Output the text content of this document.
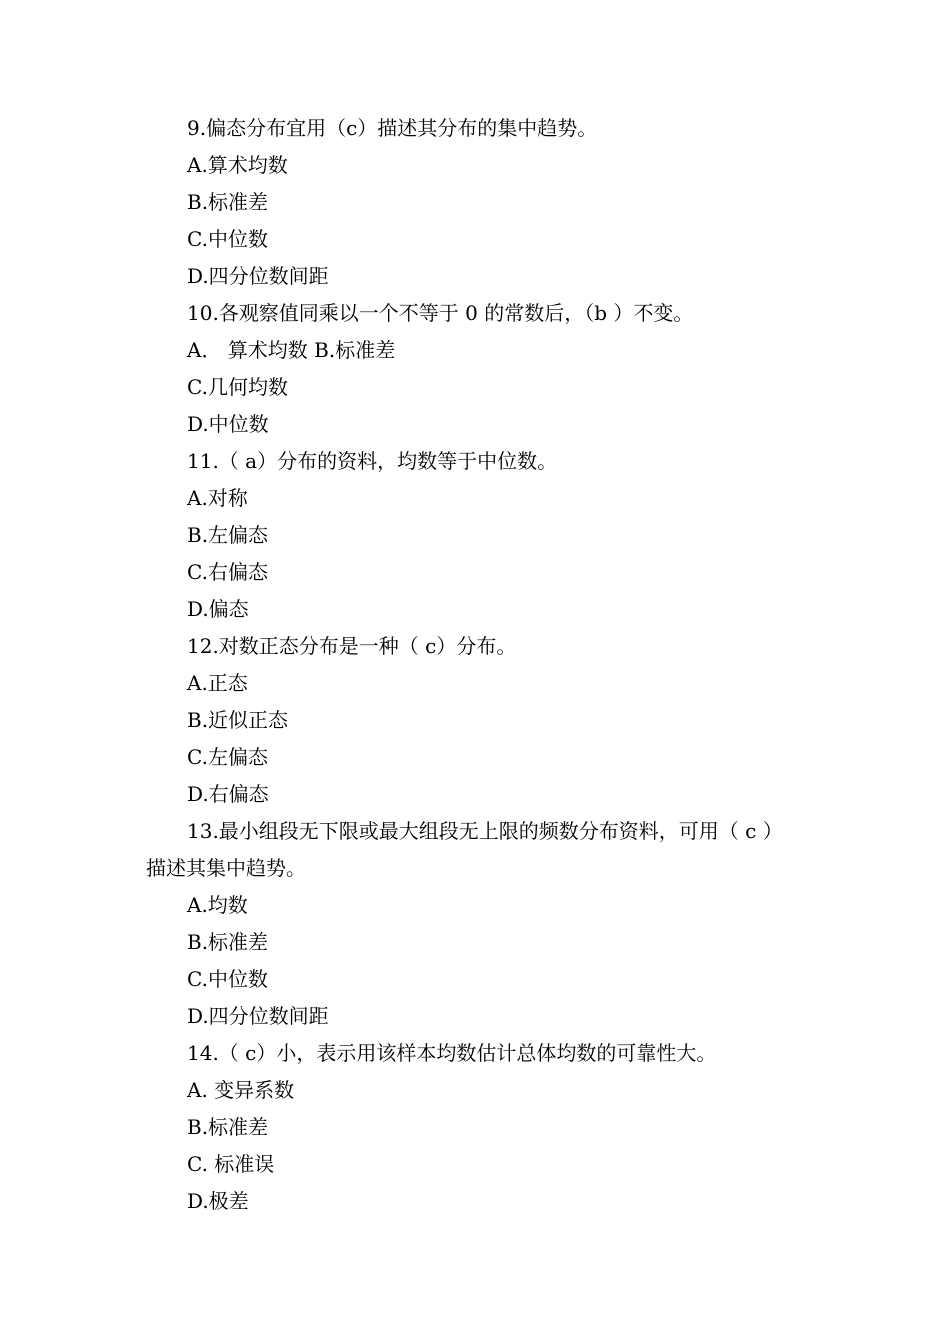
9.偏态分布宜用（c）描述其分布的集中趋势。
A.算术均数
B.标准差
C.中位数
D.四分位数间距
10.各观察值同乘以一个不等于 0 的常数后，（b ）不变。
A． 算术均数 B.标准差
C.几何均数
D.中位数
11.（ a）分布的资料，均数等于中位数。
A.对称
B.左偏态
C.右偏态
D.偏态
12.对数正态分布是一种（ c）分布。
A.正态
B.近似正态
C.左偏态
D.右偏态
13.最小组段无下限或最大组段无上限的频数分布资料，可用（ c ）
描述其集中趋势。
A.均数
B.标准差
C.中位数
D.四分位数间距
14.（ c）小，表示用该样本均数估计总体均数的可靠性大。
A. 变异系数
B.标准差
C. 标准误
D.极差
